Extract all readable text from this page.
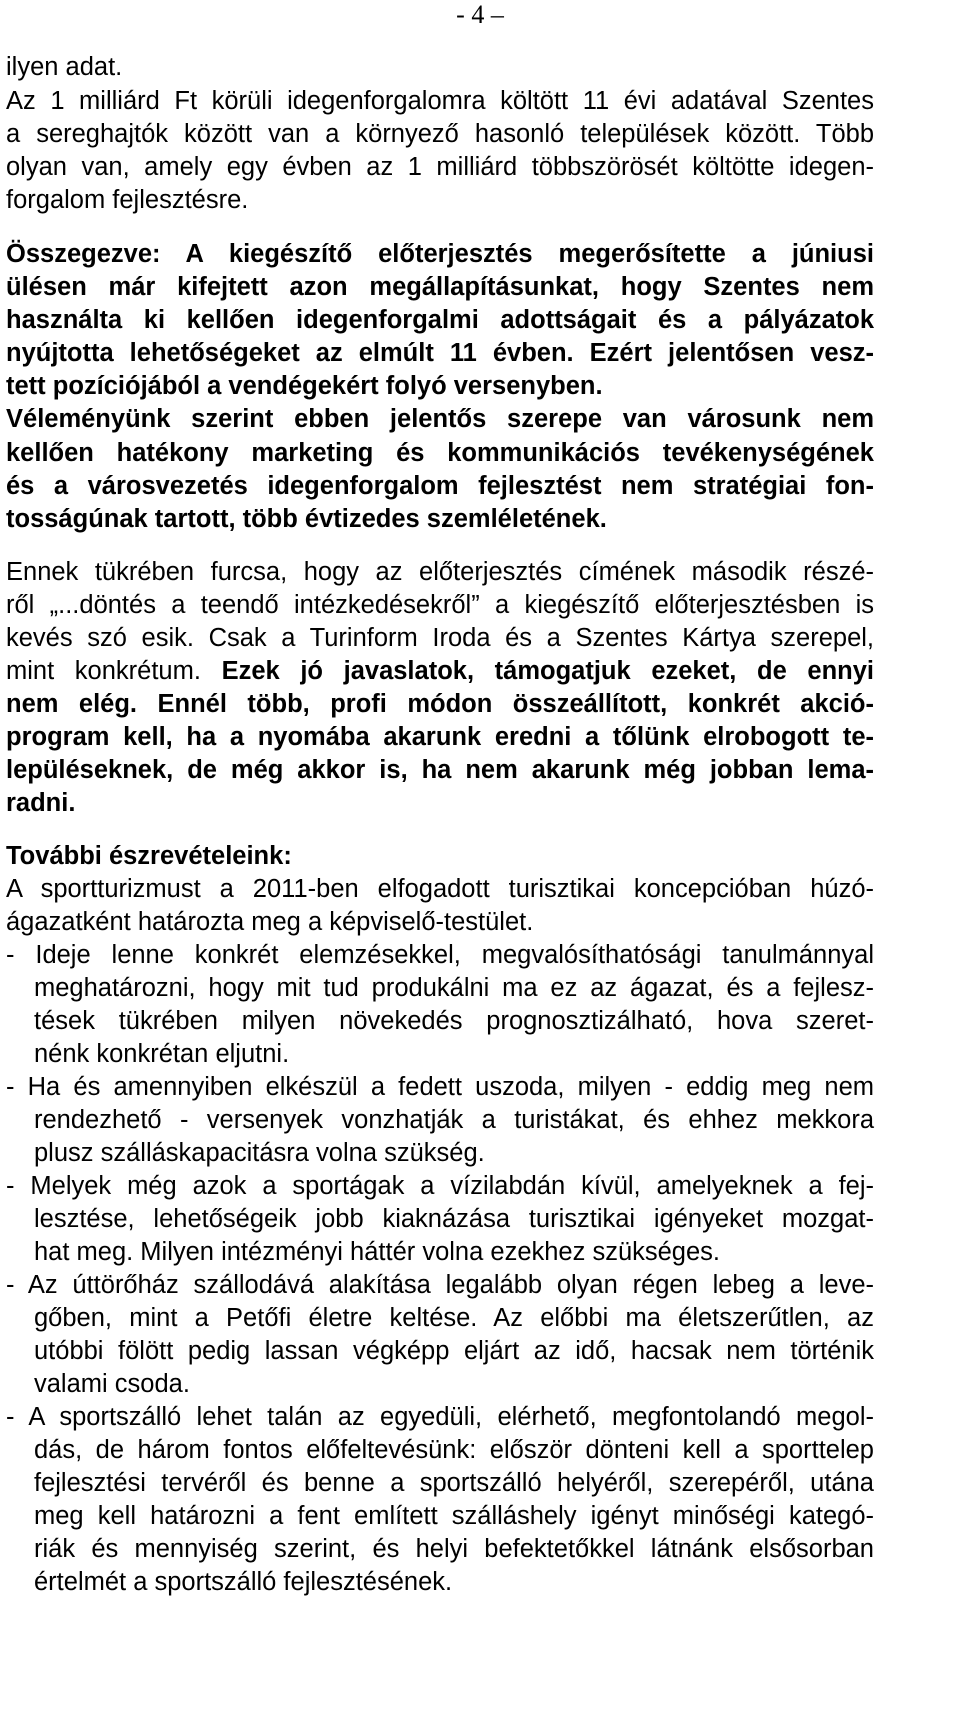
- 4 –
ilyen adat.
Az 1 milliárd Ft körüli idegenforgalomra költött 11 évi adatával Szentes
a sereghajtók között van a környező hasonló települések között. Több
olyan van, amely egy évben az 1 milliárd többszörösét költötte idegen-
forgalom fejlesztésre.
Összegezve: A kiegészítő előterjesztés megerősítette a júniusi
ülésen már kifejtett azon megállapításunkat, hogy Szentes nem
használta ki kellően idegenforgalmi adottságait és a pályázatok
nyújtotta lehetőségeket az elmúlt 11 évben. Ezért jelentősen vesz-
tett pozíciójából a vendégekért folyó versenyben.
Véleményünk szerint ebben jelentős szerepe van városunk nem
kellően hatékony marketing és kommunikációs tevékenységének
és a városvezetés idegenforgalom fejlesztést nem stratégiai fon-
tosságúnak tartott, több évtizedes szemléletének.
Ennek tükrében furcsa, hogy az előterjesztés címének második részé-
ről „...döntés a teendő intézkedésekről” a kiegészítő előterjesztésben is
kevés szó esik. Csak a Turinform Iroda és a Szentes Kártya szerepel,
mint konkrétum. Ezek jó javaslatok, támogatjuk ezeket, de ennyi
nem elég. Ennél több, profi módon összeállított, konkrét akció-
program kell, ha a nyomába akarunk eredni a tőlünk elrobogott te-
lepüléseknek, de még akkor is, ha nem akarunk még jobban lema-
radni.
További észrevételeink:
A sportturizmust a 2011-ben elfogadott turisztikai koncepcióban húzó-
ágazatként határozta meg a képviselő-testület.
- Ideje lenne konkrét elemzésekkel, megvalósíthatósági tanulmánnyal
meghatározni, hogy mit tud produkálni ma ez az ágazat, és a fejlesz-
tések tükrében milyen növekedés prognosztizálható, hova szeret-
nénk konkrétan eljutni.
- Ha és amennyiben elkészül a fedett uszoda, milyen - eddig meg nem
rendezhető - versenyek vonzhatják a turistákat, és ehhez mekkora
plusz szálláskapacitásra volna szükség.
- Melyek még azok a sportágak a vízilabdán kívül, amelyeknek a fej-
lesztése, lehetőségeik jobb kiaknázása turisztikai igényeket mozgat-
hat meg. Milyen intézményi háttér volna ezekhez szükséges.
- Az úttörőház szállodává alakítása legalább olyan régen lebeg a leve-
gőben, mint a Petőfi életre keltése. Az előbbi ma életszerűtlen, az
utóbbi fölött pedig lassan végképp eljárt az idő, hacsak nem történik
valami csoda.
- A sportszálló lehet talán az egyedüli, elérhető, megfontolandó megol-
dás, de három fontos előfeltevésünk: először dönteni kell a sporttelep
fejlesztési tervéről és benne a sportszálló helyéről, szerepéről, utána
meg kell határozni a fent említett szálláshely igényt minőségi kategó-
riák és mennyiség szerint, és helyi befektetőkkel látnánk elsősorban
értelmét a sportszálló fejlesztésének.
